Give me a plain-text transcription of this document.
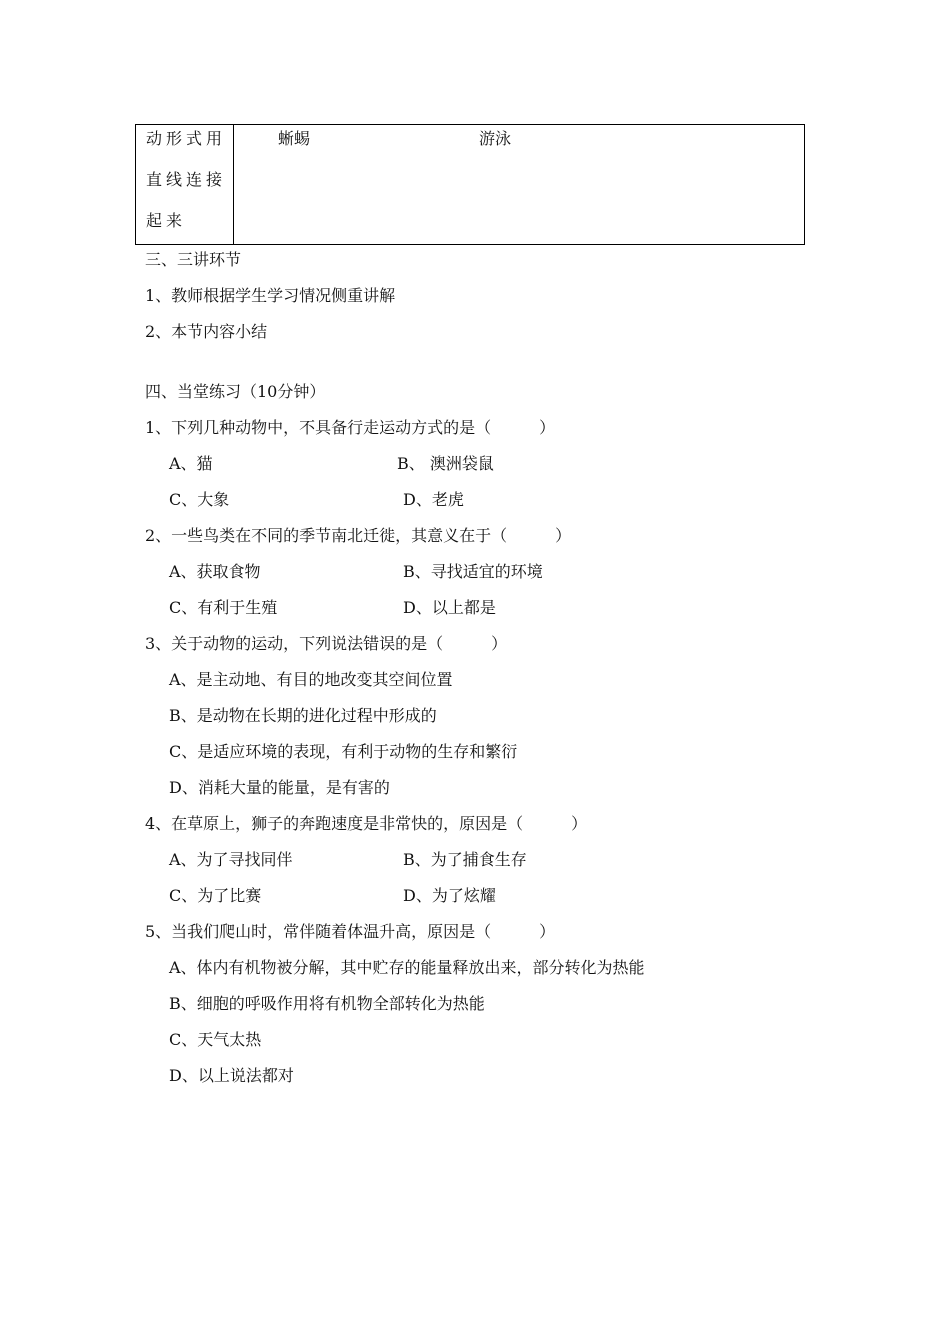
动形式用
直线连接
起来
蜥蜴	游泳
三、三讲环节
1、教师根据学生学习情况侧重讲解
2、本节内容小结
四、当堂练习（10分钟）
1、下列几种动物中，不具备行走运动方式的是（　　　）
A、猫	B、 澳洲袋鼠
C、大象	D、老虎
2、一些鸟类在不同的季节南北迁徙，其意义在于（　　　）
A、获取食物	B、寻找适宜的环境
C、有利于生殖	D、以上都是
3、关于动物的运动，下列说法错误的是（　　　）
A、是主动地、有目的地改变其空间位置
B、是动物在长期的进化过程中形成的
C、是适应环境的表现，有利于动物的生存和繁衍
D、消耗大量的能量，是有害的
4、在草原上，狮子的奔跑速度是非常快的，原因是（　　　）
A、为了寻找同伴	B、为了捕食生存
C、为了比赛	D、为了炫耀
5、当我们爬山时，常伴随着体温升高，原因是（　　　）
A、体内有机物被分解，其中贮存的能量释放出来，部分转化为热能
B、细胞的呼吸作用将有机物全部转化为热能
C、天气太热
D、以上说法都对
